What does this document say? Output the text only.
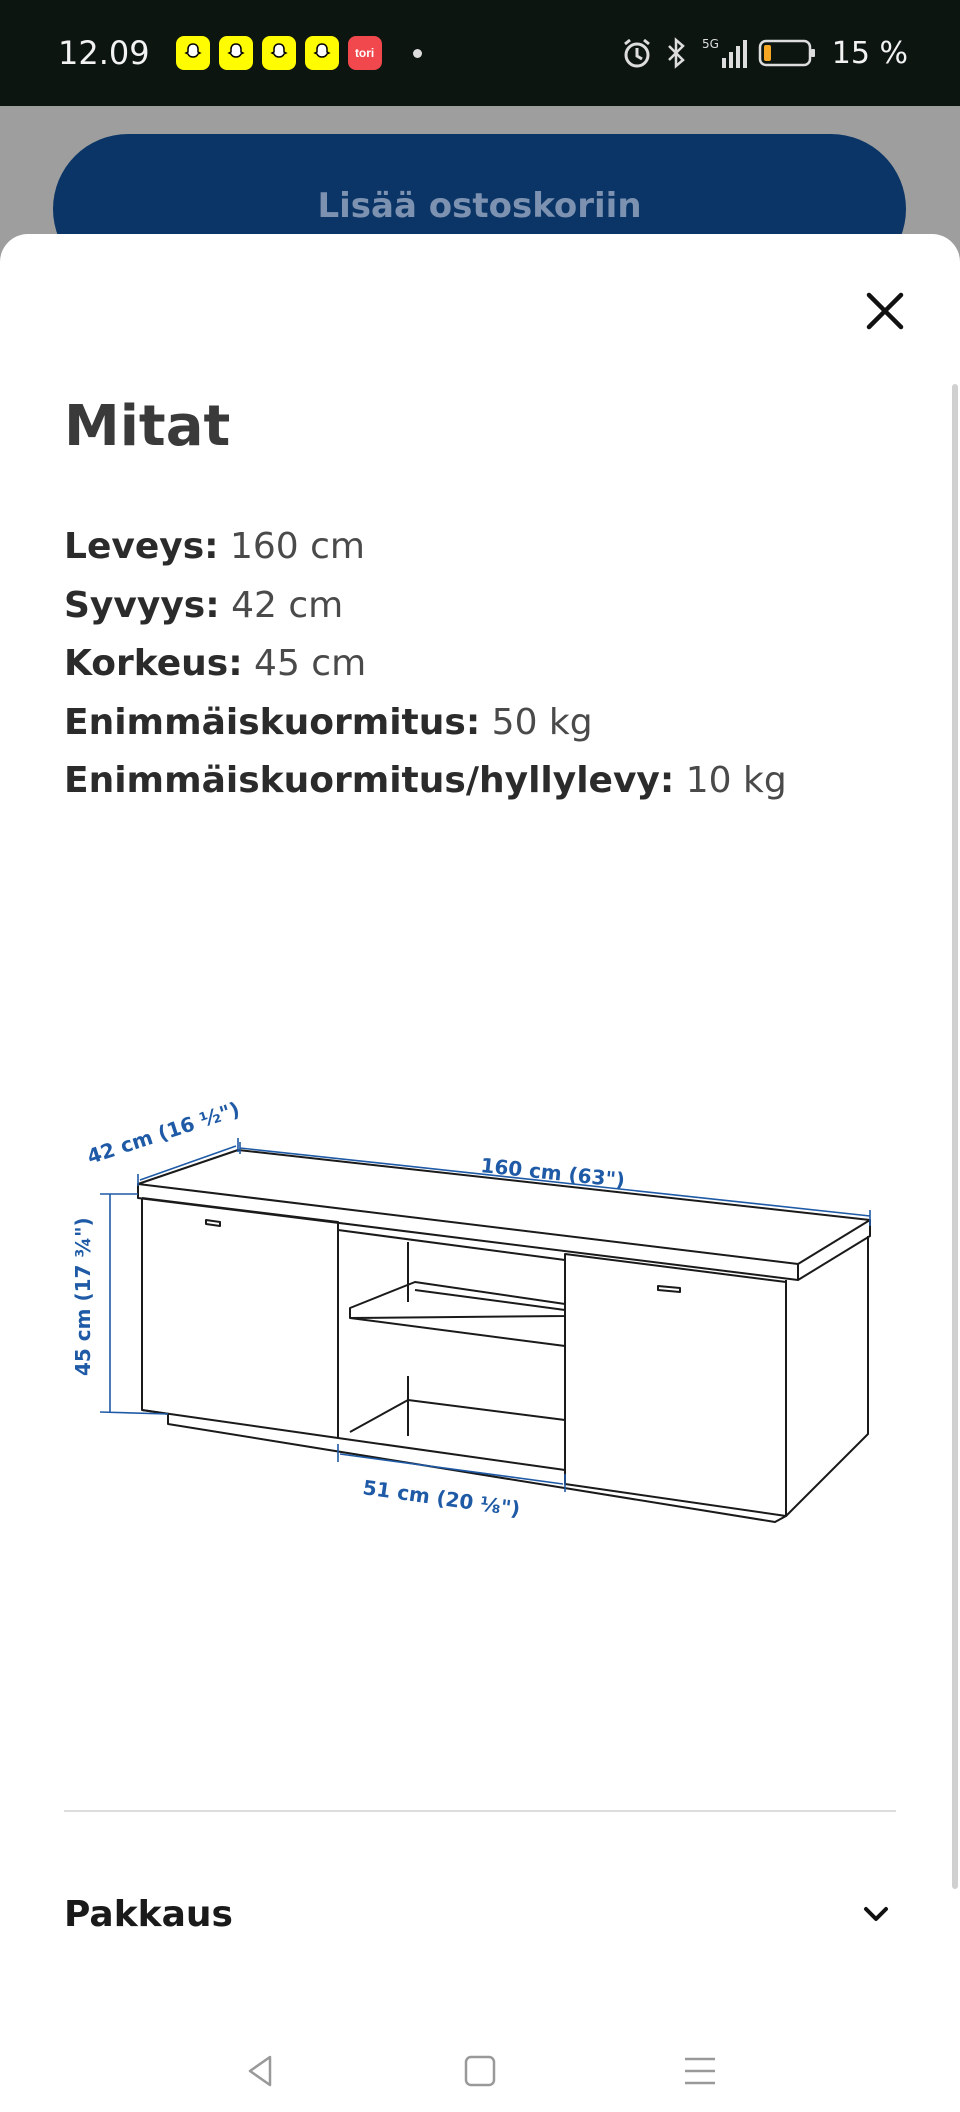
12.09	tori
5G	15 %
Lisää ostoskoriin
Mitat
Leveys: 160 cm
Syvyys: 42 cm
Korkeus: 45 cm
Enimmäiskuormitus: 50 kg
Enimmäiskuormitus/hyllylevy: 10 kg
42 cm (16 ½")
160 cm (63")
45 cm (17 ¾")
51 cm (20 ⅛")
Pakkaus
